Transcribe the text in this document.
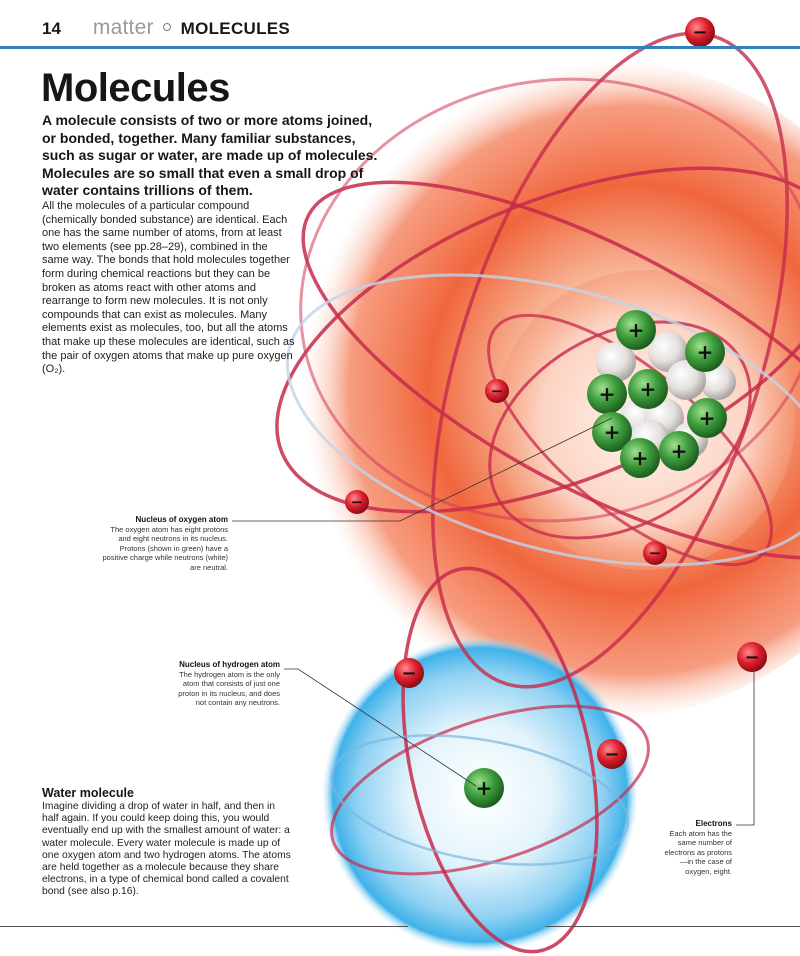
+
+
+ +
+
+
+ +
+
−
−
−
−
−
−
−
14 matter MOLECULES
Molecules

A molecule consists of two or more atoms joined, or bonded, together. Many familiar substances, such as sugar or water, are made up of molecules. Molecules are so small that even a small drop of water contains trillions of them.

All the molecules of a particular compound (chemically bonded substance) are identical. Each one has the same number of atoms, from at least two elements (see pp.28–29), combined in the same way. The bonds that hold molecules together form during chemical reactions but they can be broken as atoms react with other atoms and rearrange to form new molecules. It is not only compounds that can exist as molecules. Many elements exist as molecules, too, but all the atoms that make up these molecules are identical, such as the pair of oxygen atoms that make up pure oxygen (O₂).

Nucleus of oxygen atom
The oxygen atom has eight protons and eight neutrons in its nucleus. Protons (shown in green) have a positive charge while neutrons (white) are neutral.
Nucleus of hydrogen atom
The hydrogen atom is the only atom that consists of just one proton in its nucleus, and does not contain any neutrons.
Electrons
Each atom has the same number of electrons as protons—in the case of oxygen, eight.
Water molecule

Imagine dividing a drop of water in half, and then in half again. If you could keep doing this, you would eventually end up with the smallest amount of water: a water molecule. Every water molecule is made up of one oxygen atom and two hydrogen atoms. The atoms are held together as a molecule because they share electrons, in a type of chemical bond called a covalent bond (see also p.16).
